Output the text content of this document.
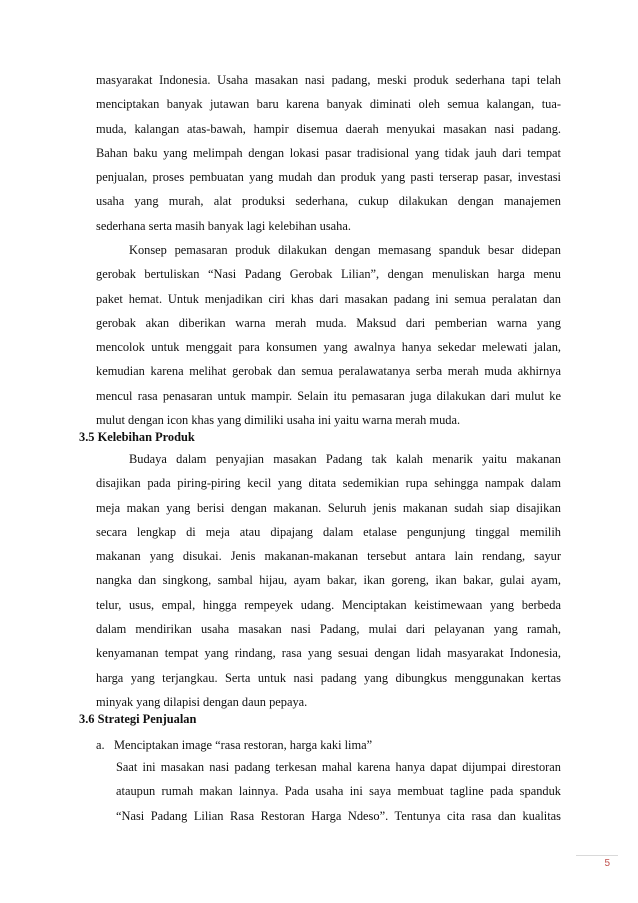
masyarakat Indonesia. Usaha masakan nasi padang, meski produk sederhana tapi telah
menciptakan banyak jutawan baru karena banyak diminati oleh semua kalangan, tua-
muda, kalangan atas-bawah, hampir disemua daerah menyukai masakan nasi padang.
Bahan baku yang melimpah dengan lokasi pasar tradisional yang tidak jauh dari tempat
penjualan, proses pembuatan yang mudah dan produk yang pasti terserap pasar, investasi
usaha yang murah, alat produksi sederhana, cukup dilakukan dengan manajemen
sederhana serta masih banyak lagi kelebihan usaha.
Konsep pemasaran produk dilakukan dengan memasang spanduk besar didepan
gerobak bertuliskan “Nasi Padang Gerobak Lilian”, dengan menuliskan harga menu
paket hemat. Untuk menjadikan ciri khas dari masakan padang ini semua peralatan dan
gerobak akan diberikan warna merah muda. Maksud dari pemberian warna yang
mencolok untuk menggait para konsumen yang awalnya hanya sekedar melewati jalan,
kemudian karena melihat gerobak dan semua peralawatanya serba merah muda akhirnya
mencul rasa penasaran untuk mampir. Selain itu pemasaran juga dilakukan dari mulut ke
mulut dengan icon khas yang dimiliki usaha ini yaitu warna merah muda.
3.5 Kelebihan Produk
Budaya dalam penyajian masakan Padang tak kalah menarik yaitu makanan
disajikan pada piring-piring kecil yang ditata sedemikian rupa sehingga nampak dalam
meja makan yang berisi dengan makanan. Seluruh jenis makanan sudah siap disajikan
secara lengkap di meja atau dipajang dalam etalase pengunjung tinggal memilih
makanan yang disukai. Jenis makanan-makanan tersebut antara lain rendang, sayur
nangka dan singkong, sambal hijau, ayam bakar, ikan goreng, ikan bakar, gulai ayam,
telur, usus, empal, hingga rempeyek udang. Menciptakan keistimewaan yang berbeda
dalam mendirikan usaha masakan nasi Padang, mulai dari pelayanan yang ramah,
kenyamanan tempat yang rindang, rasa yang sesuai dengan lidah masyarakat Indonesia,
harga yang terjangkau. Serta untuk nasi padang yang dibungkus menggunakan kertas
minyak yang dilapisi dengan daun pepaya.
3.6 Strategi Penjualan
a. Menciptakan image “rasa restoran, harga kaki lima”
Saat ini masakan nasi padang terkesan mahal karena hanya dapat dijumpai direstoran
ataupun rumah makan lainnya. Pada usaha ini saya membuat tagline pada spanduk
“Nasi Padang Lilian Rasa Restoran Harga Ndeso”. Tentunya cita rasa dan kualitas
5
